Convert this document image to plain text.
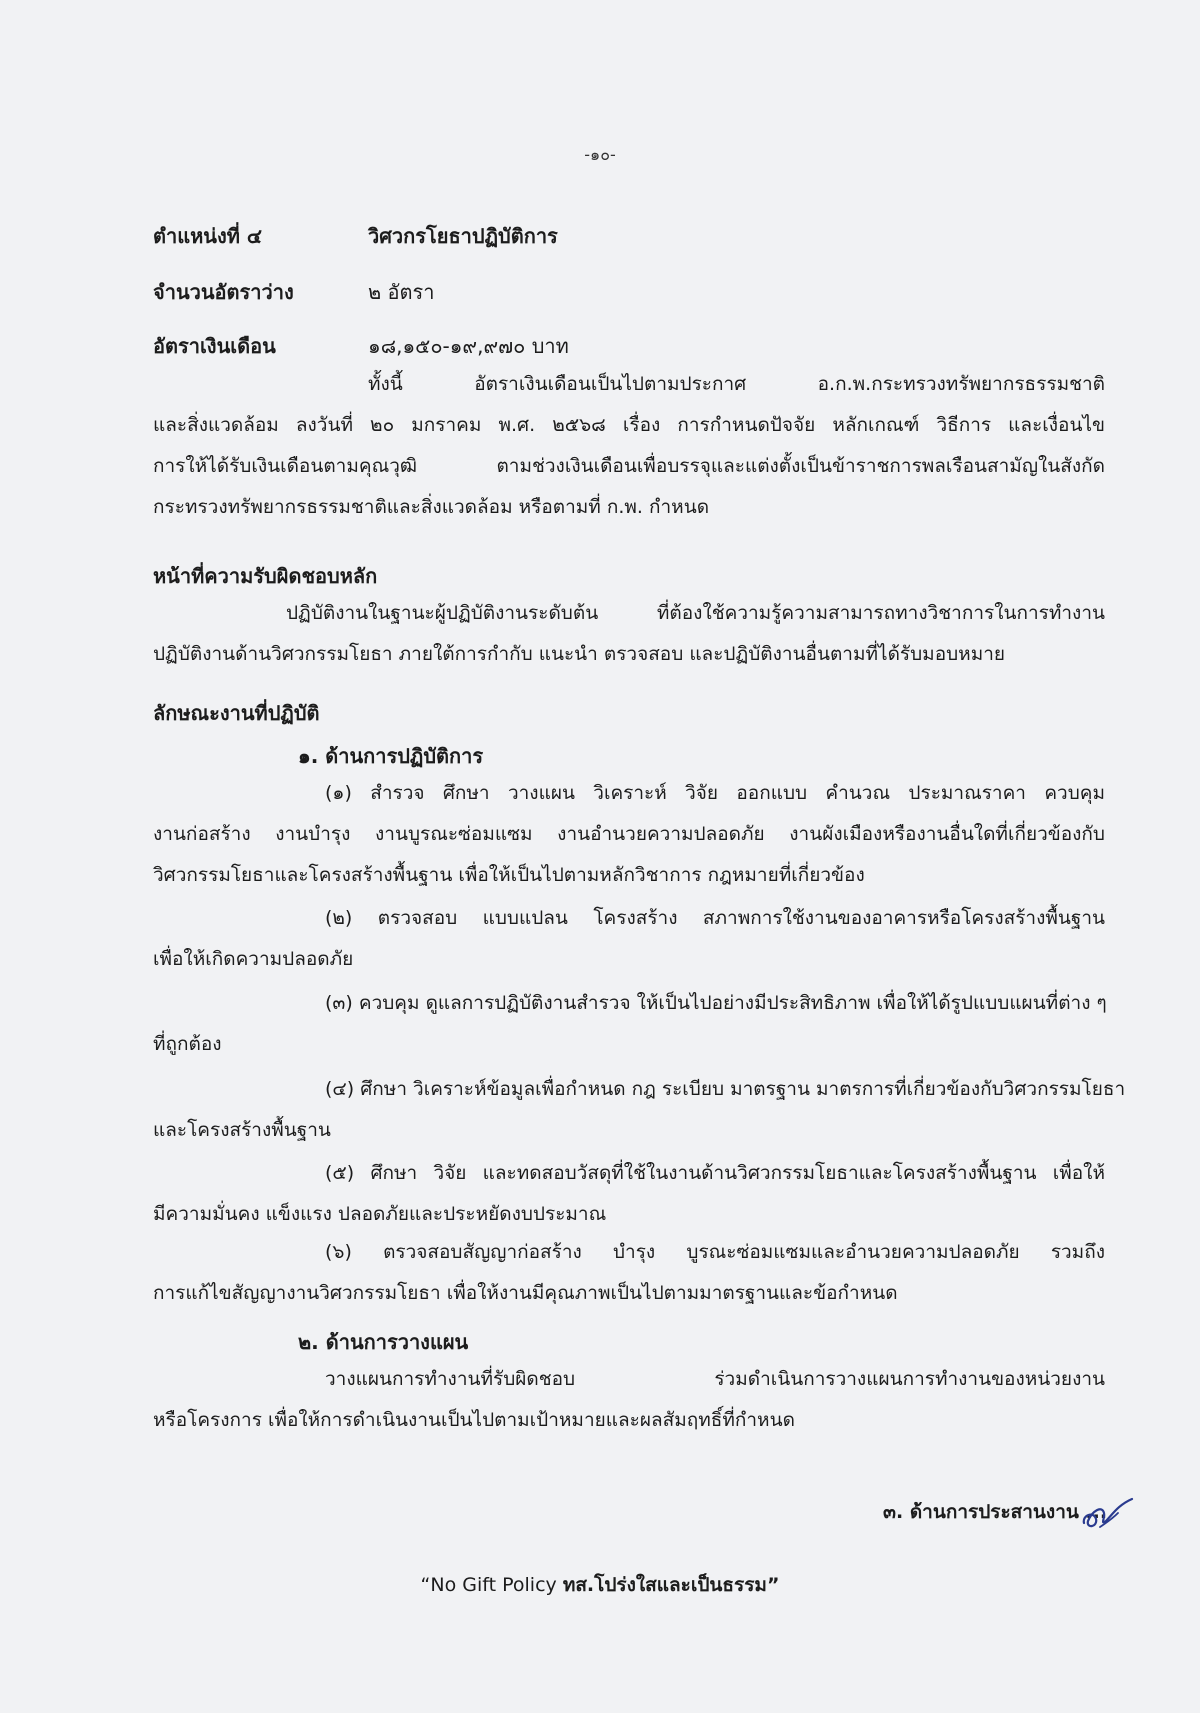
-๑๐-
ตำแหน่งที่ ๔	วิศวกรโยธาปฏิบัติการ
จำนวนอัตราว่าง	๒ อัตรา
อัตราเงินเดือน	๑๘,๑๕๐-๑๙,๙๗๐ บาท
ทั้งนี้ อัตราเงินเดือนเป็นไปตามประกาศ อ.ก.พ.กระทรวงทรัพยากรธรรมชาติ
และสิ่งแวดล้อม ลงวันที่ ๒๐ มกราคม พ.ศ. ๒๕๖๘ เรื่อง การกำหนดปัจจัย หลักเกณฑ์ วิธีการ และเงื่อนไข
การให้ได้รับเงินเดือนตามคุณวุฒิ ตามช่วงเงินเดือนเพื่อบรรจุและแต่งตั้งเป็นข้าราชการพลเรือนสามัญในสังกัด
กระทรวงทรัพยากรธรรมชาติและสิ่งแวดล้อม หรือตามที่ ก.พ. กำหนด
หน้าที่ความรับผิดชอบหลัก
ปฏิบัติงานในฐานะผู้ปฏิบัติงานระดับต้น ที่ต้องใช้ความรู้ความสามารถทางวิชาการในการทำงาน
ปฏิบัติงานด้านวิศวกรรมโยธา ภายใต้การกำกับ แนะนำ ตรวจสอบ และปฏิบัติงานอื่นตามที่ได้รับมอบหมาย
ลักษณะงานที่ปฏิบัติ
๑. ด้านการปฏิบัติการ
(๑) สำรวจ ศึกษา วางแผน วิเคราะห์ วิจัย ออกแบบ คำนวณ ประมาณราคา ควบคุม
งานก่อสร้าง งานบำรุง งานบูรณะซ่อมแซม งานอำนวยความปลอดภัย งานผังเมืองหรืองานอื่นใดที่เกี่ยวข้องกับ
วิศวกรรมโยธาและโครงสร้างพื้นฐาน เพื่อให้เป็นไปตามหลักวิชาการ กฎหมายที่เกี่ยวข้อง
(๒) ตรวจสอบ แบบแปลน โครงสร้าง สภาพการใช้งานของอาคารหรือโครงสร้างพื้นฐาน
เพื่อให้เกิดความปลอดภัย
(๓) ควบคุม ดูแลการปฏิบัติงานสำรวจ ให้เป็นไปอย่างมีประสิทธิภาพ เพื่อให้ได้รูปแบบแผนที่ต่าง ๆ
ที่ถูกต้อง
(๔) ศึกษา วิเคราะห์ข้อมูลเพื่อกำหนด กฎ ระเบียบ มาตรฐาน มาตรการที่เกี่ยวข้องกับวิศวกรรมโยธา
และโครงสร้างพื้นฐาน
(๕) ศึกษา วิจัย และทดสอบวัสดุที่ใช้ในงานด้านวิศวกรรมโยธาและโครงสร้างพื้นฐาน เพื่อให้
มีความมั่นคง แข็งแรง ปลอดภัยและประหยัดงบประมาณ
(๖) ตรวจสอบสัญญาก่อสร้าง บำรุง บูรณะซ่อมแซมและอำนวยความปลอดภัย รวมถึง
การแก้ไขสัญญางานวิศวกรรมโยธา เพื่อให้งานมีคุณภาพเป็นไปตามมาตรฐานและข้อกำหนด
๒. ด้านการวางแผน
วางแผนการทำงานที่รับผิดชอบ ร่วมดำเนินการวางแผนการทำงานของหน่วยงาน
หรือโครงการ เพื่อให้การดำเนินงานเป็นไปตามเป้าหมายและผลสัมฤทธิ์ที่กำหนด
๓. ด้านการประสานงาน ...
“No Gift Policy ทส.โปร่งใสและเป็นธรรม”
